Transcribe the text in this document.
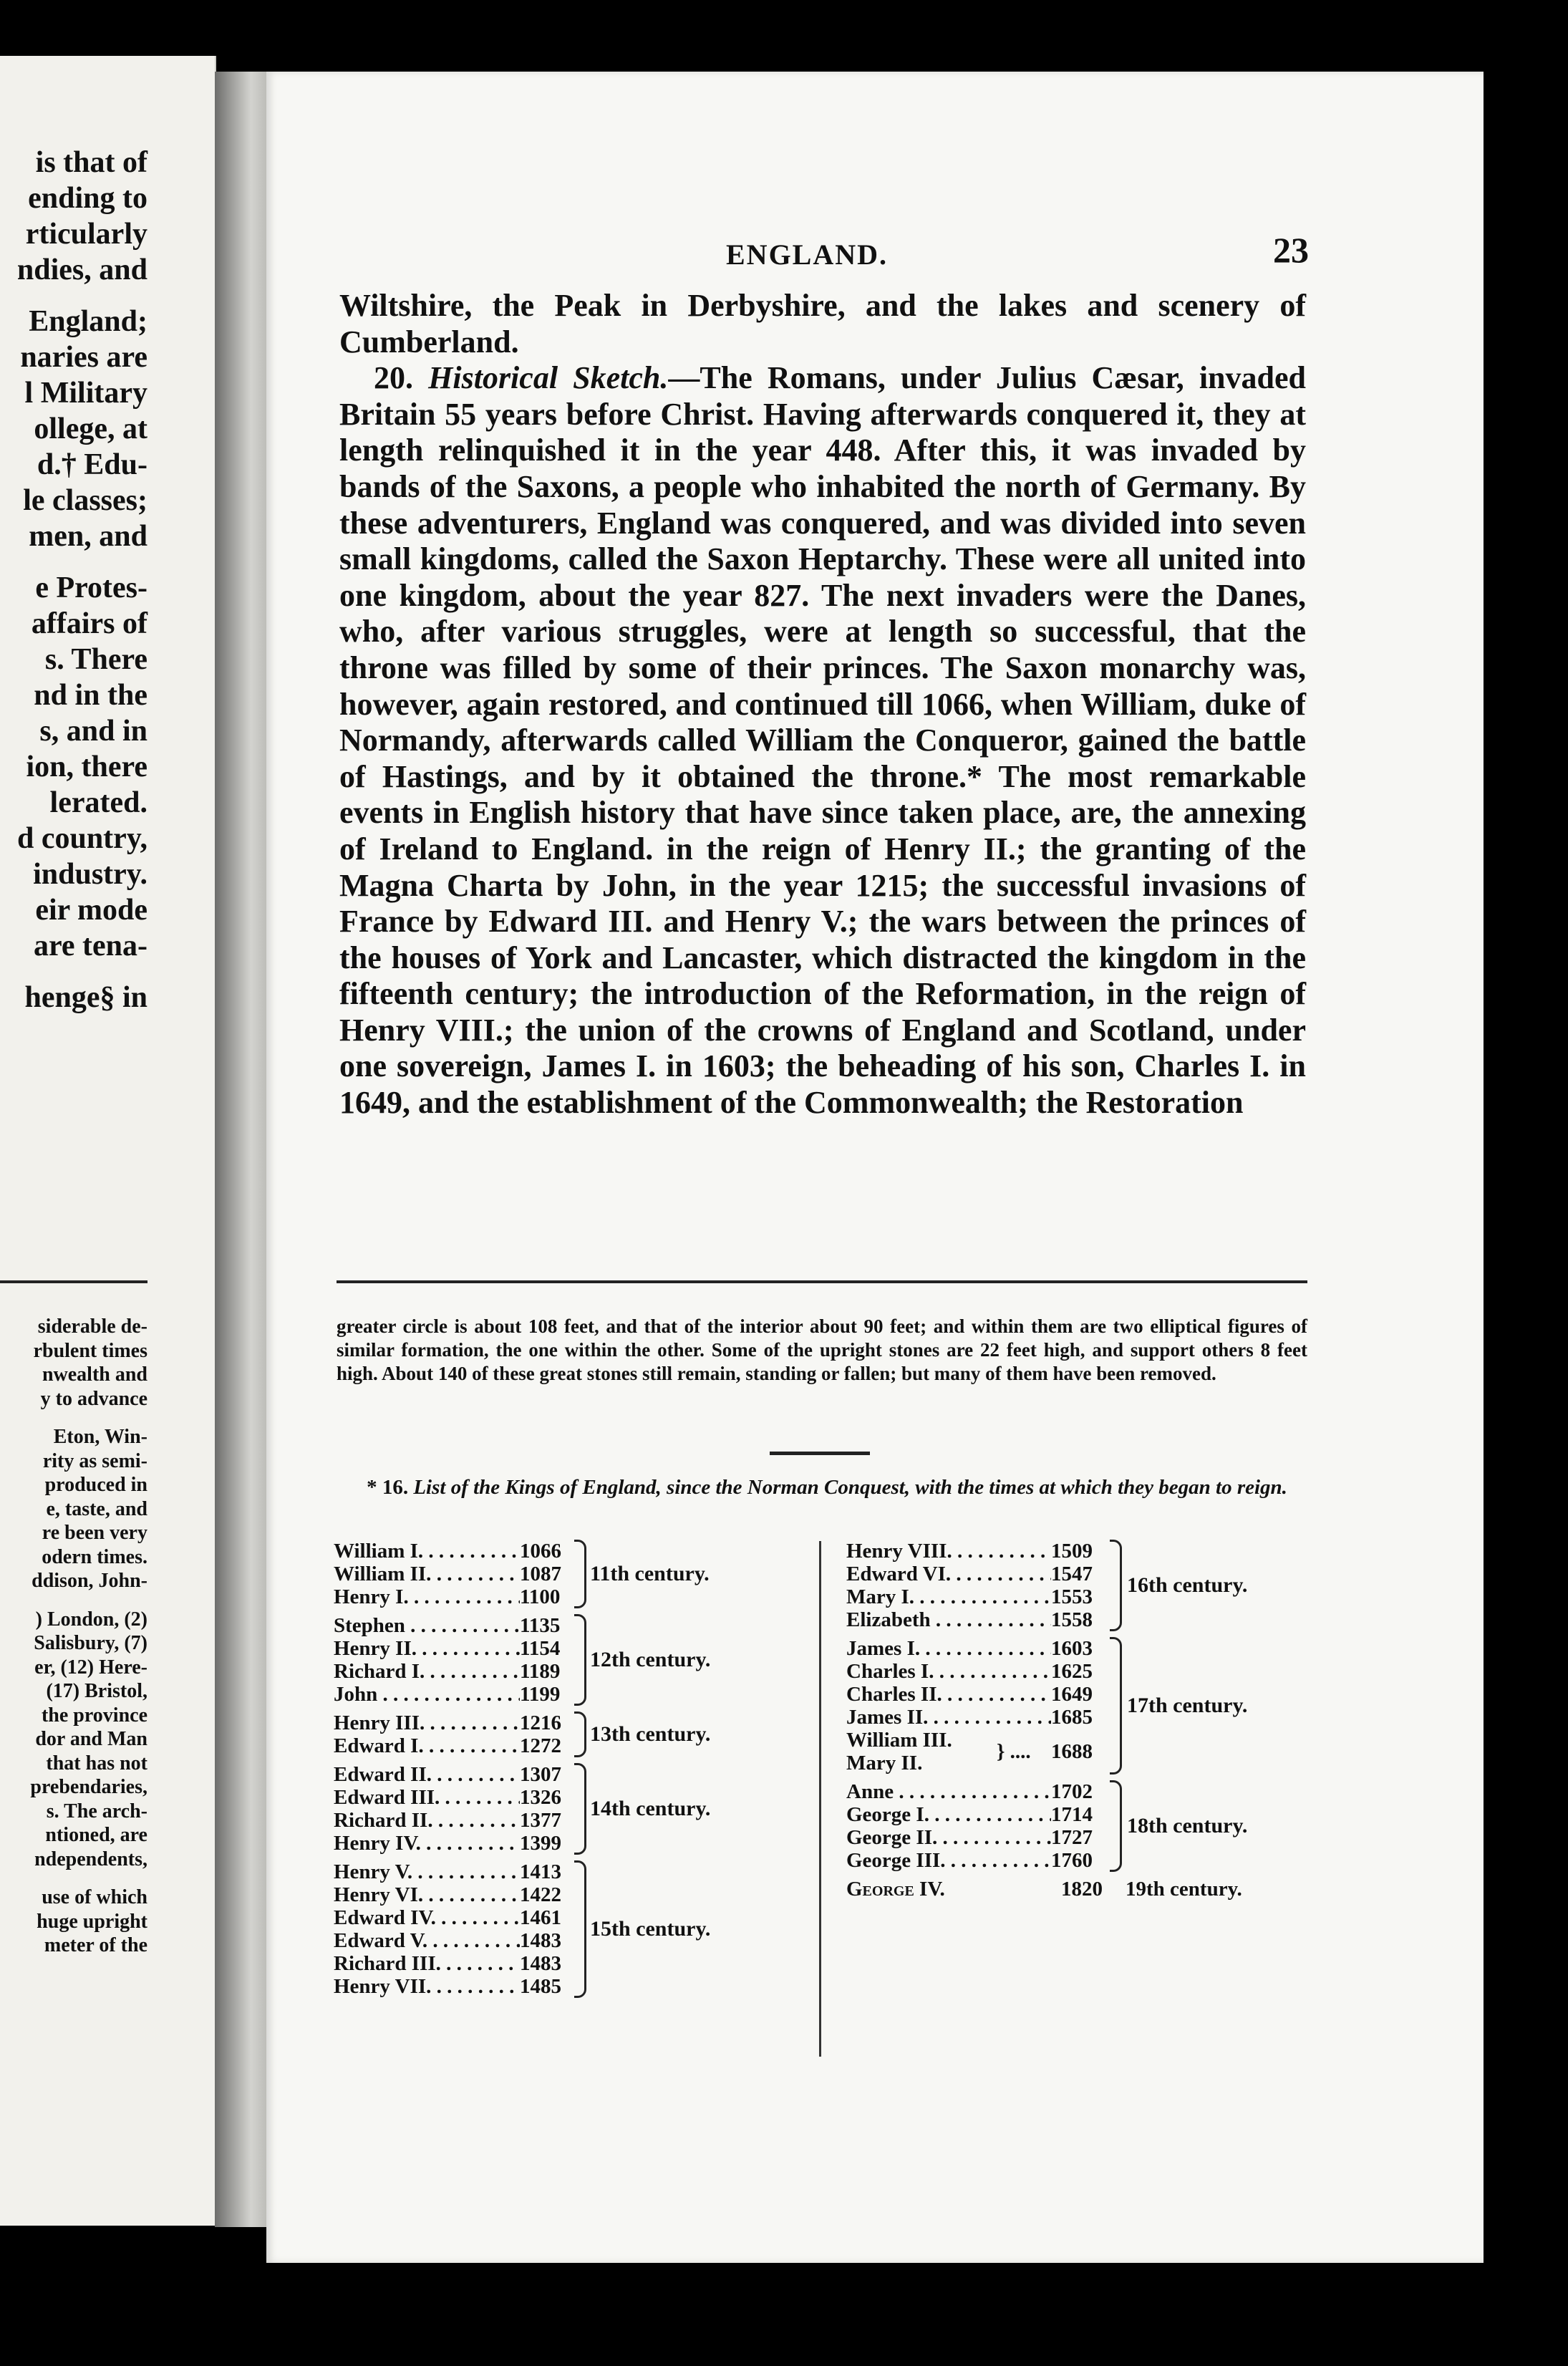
is that of
ending to
rticularly
ndies, and
England;
naries are
l Military
ollege, at
d.† Edu-
le classes;
men, and
e Protes-
affairs of
s. There
nd in the
s, and in
ion, there
lerated.
d country,
industry.
eir mode
are tena-
henge§ in
siderable de-
rbulent times
nwealth and
y to advance
Eton, Win-
rity as semi-
produced in
e, taste, and
re been very
odern times.
ddison, John-
) London, (2)
Salisbury, (7)
er, (12) Here-
(17) Bristol,
the province
dor and Man
that has not
prebendaries,
s. The arch-
ntioned, are
ndependents,
use of which
huge upright
meter of the
ENGLAND.	23

Wiltshire, the Peak in Derbyshire, and the lakes and scenery of Cumberland.

20. Historical Sketch.—The Romans, under Julius Cæsar, invaded Britain 55 years before Christ. Having afterwards conquered it, they at length relinquished it in the year 448. After this, it was invaded by bands of the Saxons, a people who inhabited the north of Germany. By these adventurers, England was conquered, and was divided into seven small kingdoms, called the Saxon Heptarchy. These were all united into one kingdom, about the year 827. The next invaders were the Danes, who, after various struggles, were at length so successful, that the throne was filled by some of their princes. The Saxon monarchy was, however, again restored, and continued till 1066, when William, duke of Normandy, afterwards called William the Conqueror, gained the battle of Hastings, and by it obtained the throne.* The most remarkable events in English history that have since taken place, are, the annexing of Ireland to England. in the reign of Henry II.; the granting of the Magna Charta by John, in the year 1215; the successful invasions of France by Edward III. and Henry V.; the wars between the princes of the houses of York and Lancaster, which distracted the kingdom in the fifteenth century; the introduction of the Reformation, in the reign of Henry VIII.; the union of the crowns of England and Scotland, under one sovereign, James I. in 1603; the beheading of his son, Charles I. in 1649, and the establishment of the Commonwealth; the Restoration

greater circle is about 108 feet, and that of the interior about 90 feet; and within them are two elliptical figures of similar formation, the one within the other. Some of the upright stones are 22 feet high, and support others 8 feet high. About 140 of these great stones still remain, standing or fallen; but many of them have been removed.
* 16. List of the Kings of England, since the Norman Conquest, with the times at which they began to reign.
William I. . . .	1066
William II. . . .	1087
Henry I. . . .	1100
11th century.
Stephen . . .	1135
Henry II. . . .	1154
Richard I. . . .	1189
John . . .	1199
12th century.
Henry III. . . .	1216
Edward I. . . .	1272	13th century.
Edward II. . . .	1307
Edward III. . . .	1326
Richard II. . . .	1377
Henry IV. . . .	1399
14th century.
Henry V. . . .	1413
Henry VI. . . .	1422
Edward IV. . . .	1461
Edward V. . . .	1483
Richard III. . . .	1483
Henry VII. . . .	1485
15th century.
Henry VIII. . . .	1509
Edward VI. . . .	1547
Mary I. . . .	1553
Elizabeth . . .	1558
16th century.
James I. . . .	1603
Charles I. . . .	1625
Charles II. . . .	1649
James II. . . .	1685
William III.
Mary II.	} .... 1688
17th century.
Anne . . .	1702
George I. . . .	1714
George II. . . .	1727
George III. . . .	1760
18th century.
George IV.	1820	19th century.
